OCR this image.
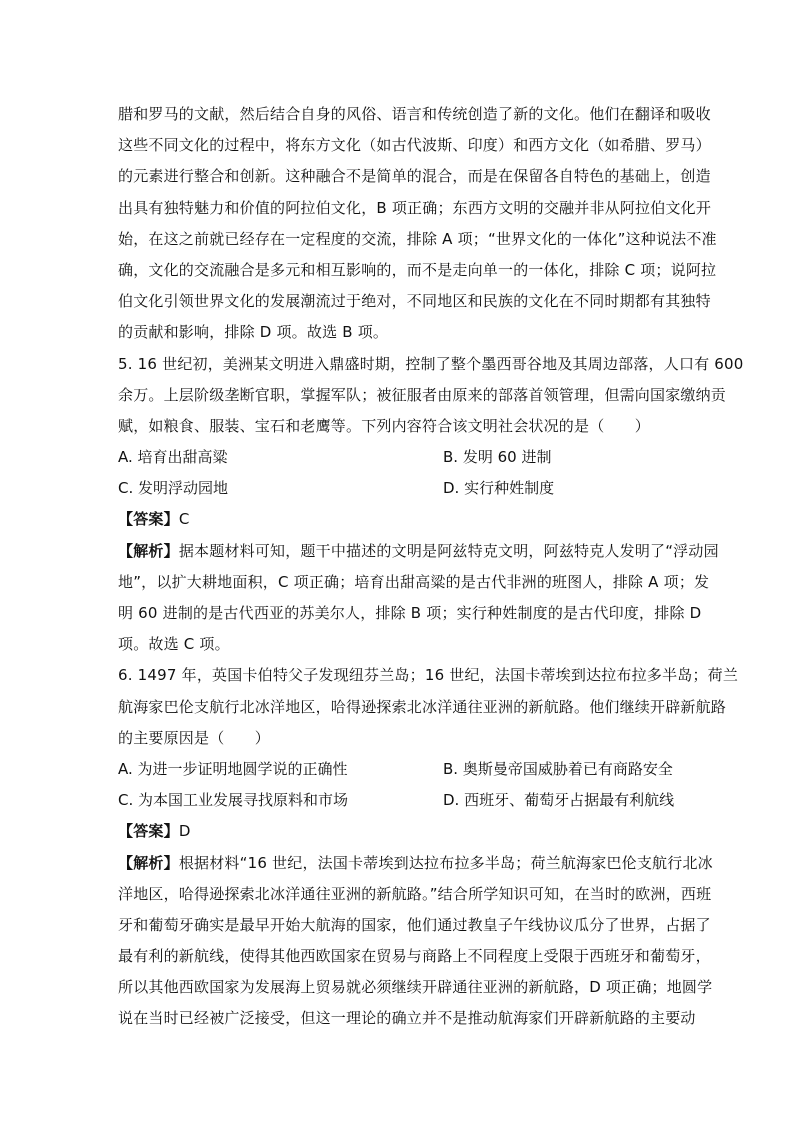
腊和罗马的文献，然后结合自身的风俗、语言和传统创造了新的文化。他们在翻译和吸收
这些不同文化的过程中，将东方文化（如古代波斯、印度）和西方文化（如希腊、罗马）
的元素进行整合和创新。这种融合不是简单的混合，而是在保留各自特色的基础上，创造
出具有独特魅力和价值的阿拉伯文化，B 项正确；东西方文明的交融并非从阿拉伯文化开
始，在这之前就已经存在一定程度的交流，排除 A 项；“世界文化的一体化”这种说法不准
确，文化的交流融合是多元和相互影响的，而不是走向单一的一体化，排除 C 项；说阿拉
伯文化引领世界文化的发展潮流过于绝对，不同地区和民族的文化在不同时期都有其独特
的贡献和影响，排除 D 项。故选 B 项。
5. 16 世纪初，美洲某文明进入鼎盛时期，控制了整个墨西哥谷地及其周边部落，人口有 600
余万。上层阶级垄断官职，掌握军队；被征服者由原来的部落首领管理，但需向国家缴纳贡
赋，如粮食、服装、宝石和老鹰等。下列内容符合该文明社会状况的是（　　）
A. 培育出甜高粱	B. 发明 60 进制
C. 发明浮动园地	D. 实行种姓制度
【答案】C
【解析】据本题材料可知，题干中描述的文明是阿兹特克文明，阿兹特克人发明了“浮动园
地”，以扩大耕地面积，C 项正确；培育出甜高粱的是古代非洲的班图人，排除 A 项；发
明 60 进制的是古代西亚的苏美尔人，排除 B 项；实行种姓制度的是古代印度，排除 D
项。故选 C 项。
6. 1497 年，英国卡伯特父子发现纽芬兰岛；16 世纪，法国卡蒂埃到达拉布拉多半岛；荷兰
航海家巴伦支航行北冰洋地区，哈得逊探索北冰洋通往亚洲的新航路。他们继续开辟新航路
的主要原因是（　　）
A. 为进一步证明地圆学说的正确性	B. 奥斯曼帝国威胁着已有商路安全
C. 为本国工业发展寻找原料和市场	D. 西班牙、葡萄牙占据最有利航线
【答案】D
【解析】根据材料“16 世纪，法国卡蒂埃到达拉布拉多半岛；荷兰航海家巴伦支航行北冰
洋地区，哈得逊探索北冰洋通往亚洲的新航路。”结合所学知识可知，在当时的欧洲，西班
牙和葡萄牙确实是最早开始大航海的国家，他们通过教皇子午线协议瓜分了世界，占据了
最有利的新航线，使得其他西欧国家在贸易与商路上不同程度上受限于西班牙和葡萄牙，
所以其他西欧国家为发展海上贸易就必须继续开辟通往亚洲的新航路，D 项正确；地圆学
说在当时已经被广泛接受，但这一理论的确立并不是推动航海家们开辟新航路的主要动
